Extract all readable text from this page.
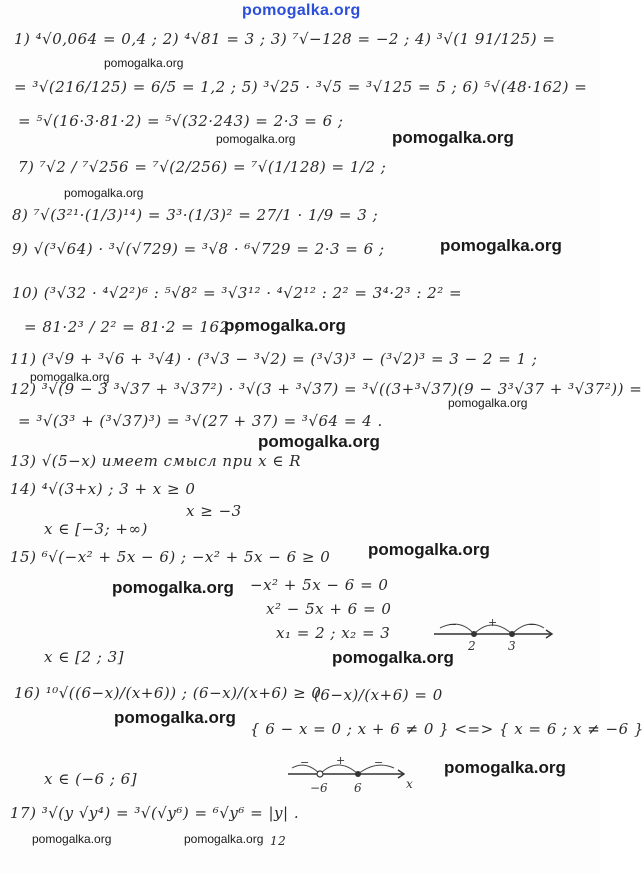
pomogalka.org
1) ⁴√0,064 = 0,4 ; 2) ⁴√81 = 3 ; 3) ⁷√−128 = −2 ; 4) ³√(1 91/125) =
= ³√(216/125) = 6/5 = 1,2 ; 5) ³√25 · ³√5 = ³√125 = 5 ; 6) ⁵√(48·162) =
= ⁵√(16·3·81·2) = ⁵√(32·243) = 2·3 = 6 ;
7) ⁷√2 / ⁷√256 = ⁷√(2/256) = ⁷√(1/128) = 1/2 ;
8) ⁷√(3²¹·(1/3)¹⁴) = 3³·(1/3)² = 27/1 · 1/9 = 3 ;
9) √(³√64) · ³√(√729) = ³√8 · ⁶√729 = 2·3 = 6 ;
10) (³√32 · ⁴√2²)⁶ : ⁵√8² = ³√3¹² · ⁴√2¹² : 2² = 3⁴·2³ : 2² =
= 81·2³ / 2² = 81·2 = 162 ;
11) (³√9 + ³√6 + ³√4) · (³√3 − ³√2) = (³√3)³ − (³√2)³ = 3 − 2 = 1 ;
12) ³√(9 − 3 ³√37 + ³√37²) · ³√(3 + ³√37) = ³√((3+³√37)(9 − 3³√37 + ³√37²)) =
= ³√(3³ + (³√37)³) = ³√(27 + 37) = ³√64 = 4 .
13) √(5−x) имеет смысл при x ∈ R
14) ⁴√(3+x) ; 3 + x ≥ 0
x ≥ −3
x ∈ [−3; +∞)
15) ⁶√(−x² + 5x − 6) ; −x² + 5x − 6 ≥ 0
−x² + 5x − 6 = 0
x² − 5x + 6 = 0
x₁ = 2 ; x₂ = 3
x ∈ [2 ; 3]
16) ¹⁰√((6−x)/(x+6)) ; (6−x)/(x+6) ≥ 0
(6−x)/(x+6) = 0
{ 6 − x = 0 ; x + 6 ≠ 0 } <=> { x = 6 ; x ≠ −6 }
x ∈ (−6 ; 6]
17) ³√(y √y⁴) = ³√(√y⁶) = ⁶√y⁶ = |y| .
12
−	+	−
2	3
− +	−
−6 6	x
pomogalka.org
pomogalka.org	pomogalka.org
pomogalka.org
pomogalka.org
pomogalka.org
pomogalka.org
pomogalka.org
pomogalka.org
pomogalka.org
pomogalka.org
pomogalka.org
pomogalka.org
pomogalka.org
pomogalka.org	pomogalka.org
